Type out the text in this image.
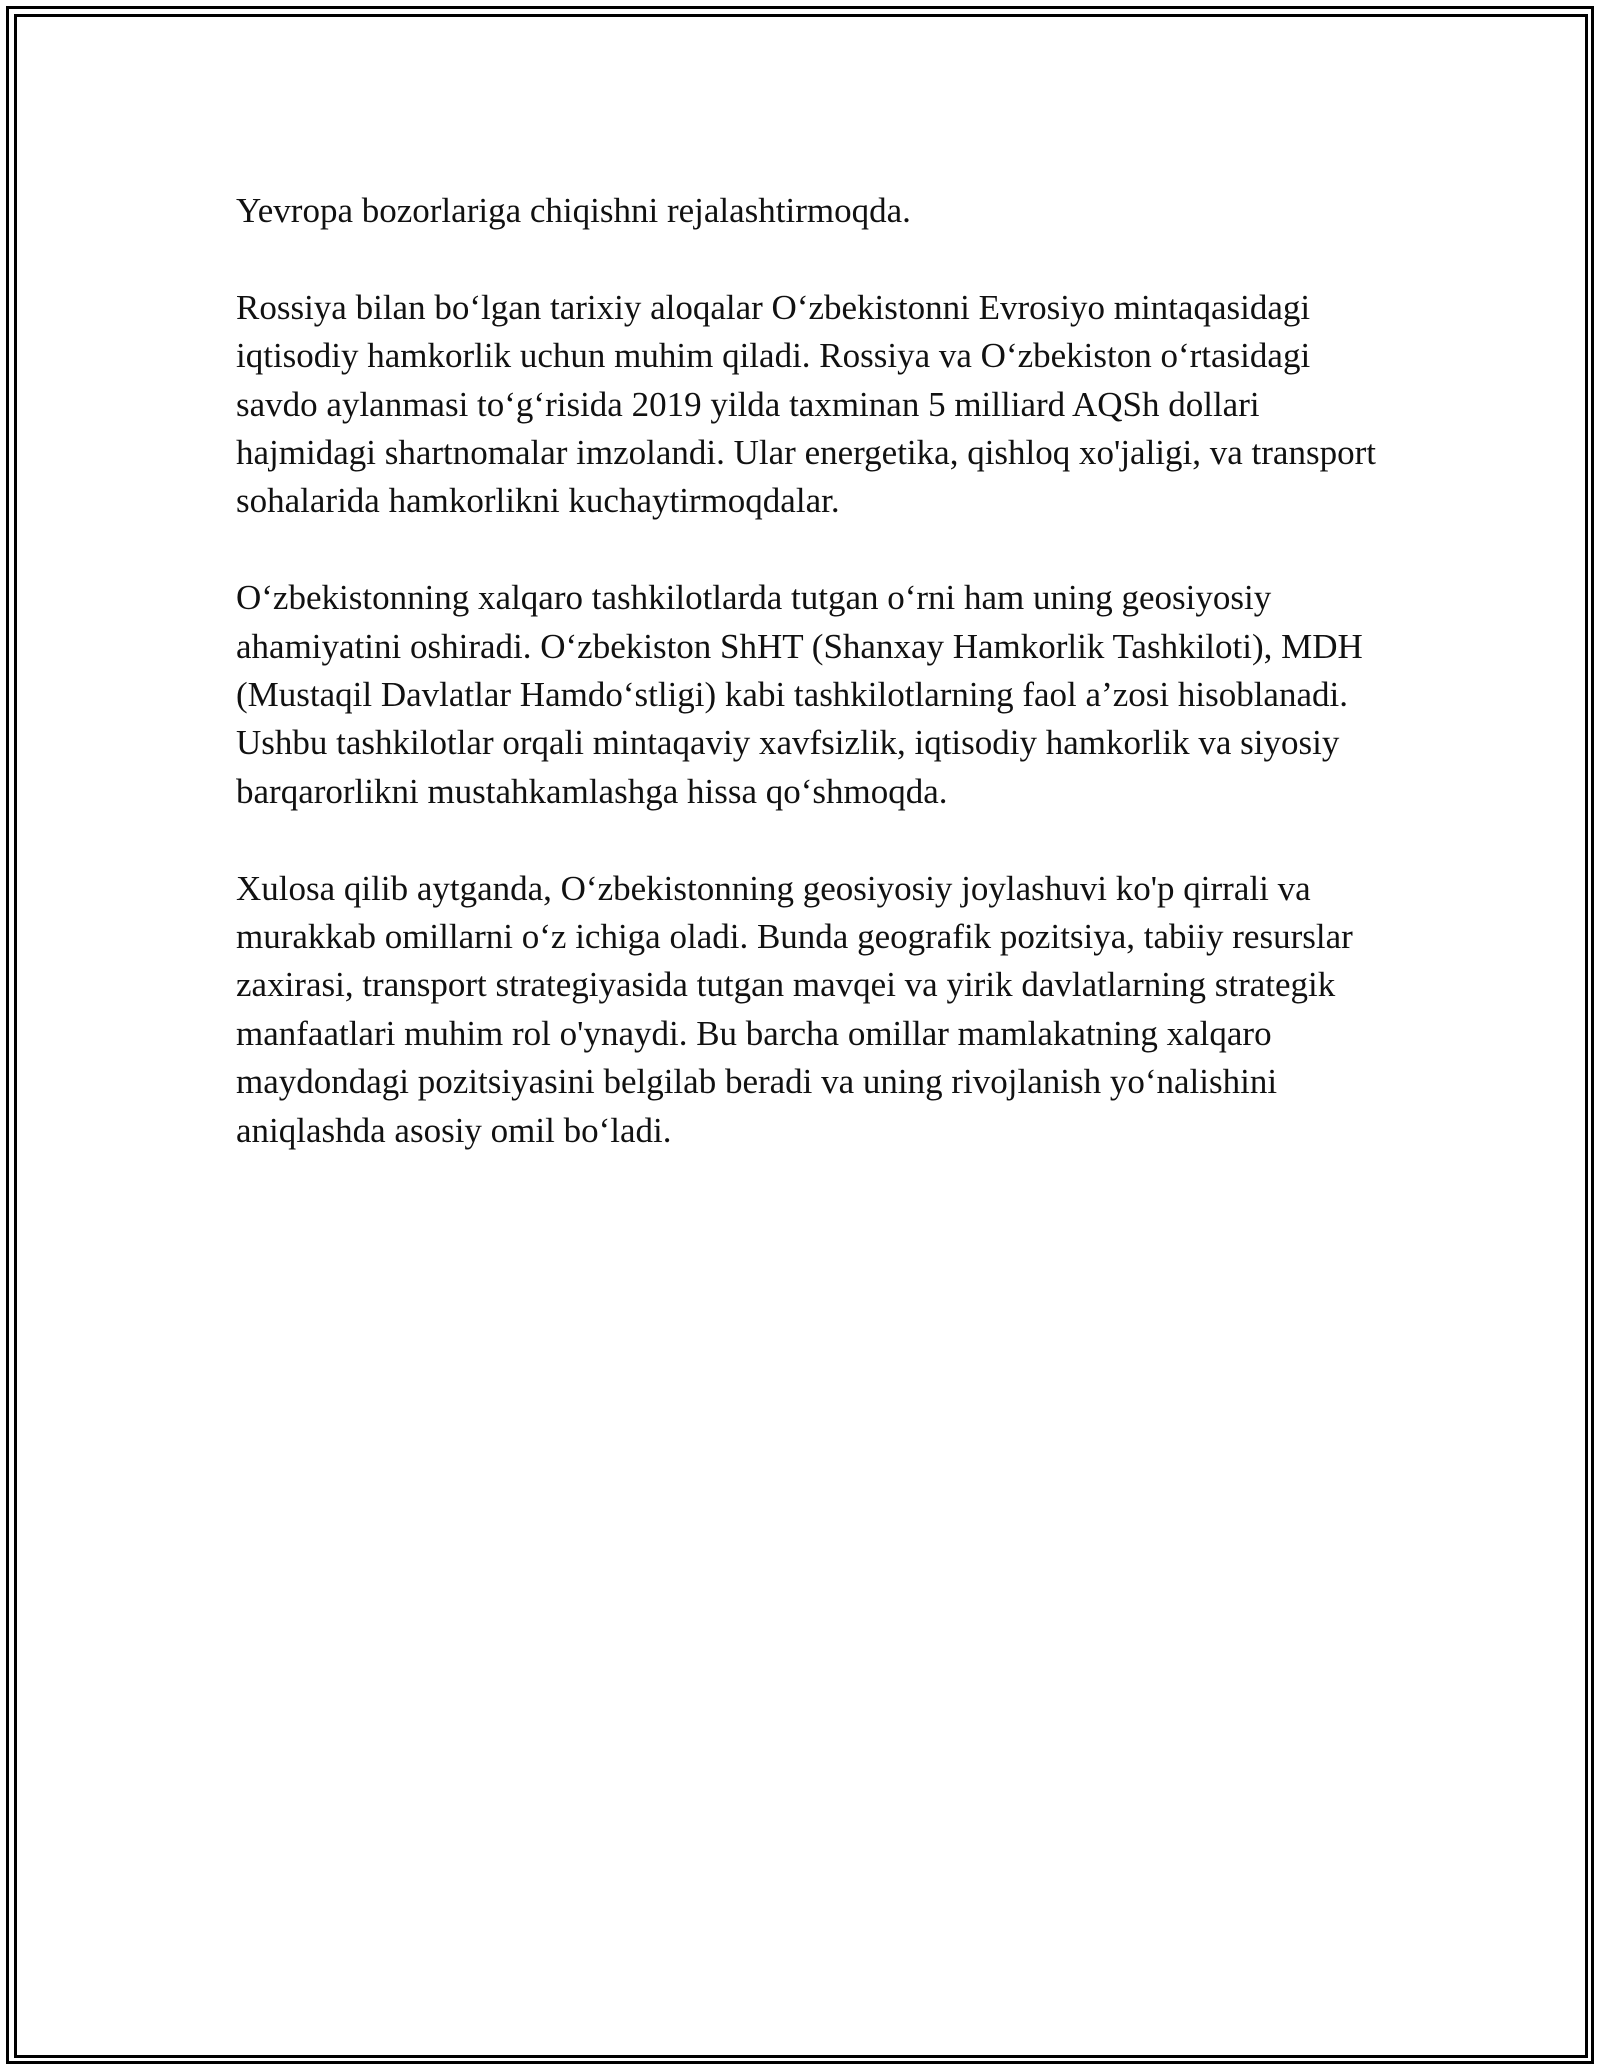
Yevropa bozorlariga chiqishni rejalashtirmoqda.

Rossiya bilan bo‘lgan tarixiy aloqalar O‘zbekistonni Evrosiyo mintaqasidagi iqtisodiy hamkorlik uchun muhim qiladi. Rossiya va O‘zbekiston o‘rtasidagi savdo aylanmasi to‘g‘risida 2019 yilda taxminan 5 milliard AQSh dollari hajmidagi shartnomalar imzolandi. Ular energetika, qishloq xo'jaligi, va transport sohalarida hamkorlikni kuchaytirmoqdalar.

O‘zbekistonning xalqaro tashkilotlarda tutgan o‘rni ham uning geosiyosiy ahamiyatini oshiradi. O‘zbekiston ShHT (Shanxay Hamkorlik Tashkiloti), MDH (Mustaqil Davlatlar Hamdo‘stligi) kabi tashkilotlarning faol a’zosi hisoblanadi. Ushbu tashkilotlar orqali mintaqaviy xavfsizlik, iqtisodiy hamkorlik va siyosiy barqarorlikni mustahkamlashga hissa qo‘shmoqda.

Xulosa qilib aytganda, O‘zbekistonning geosiyosiy joylashuvi ko'p qirrali va murakkab omillarni o‘z ichiga oladi. Bunda geografik pozitsiya, tabiiy resurslar zaxirasi, transport strategiyasida tutgan mavqei va yirik davlatlarning strategik manfaatlari muhim rol o'ynaydi. Bu barcha omillar mamlakatning xalqaro maydondagi pozitsiyasini belgilab beradi va uning rivojlanish yo‘nalishini aniqlashda asosiy omil bo‘ladi.
